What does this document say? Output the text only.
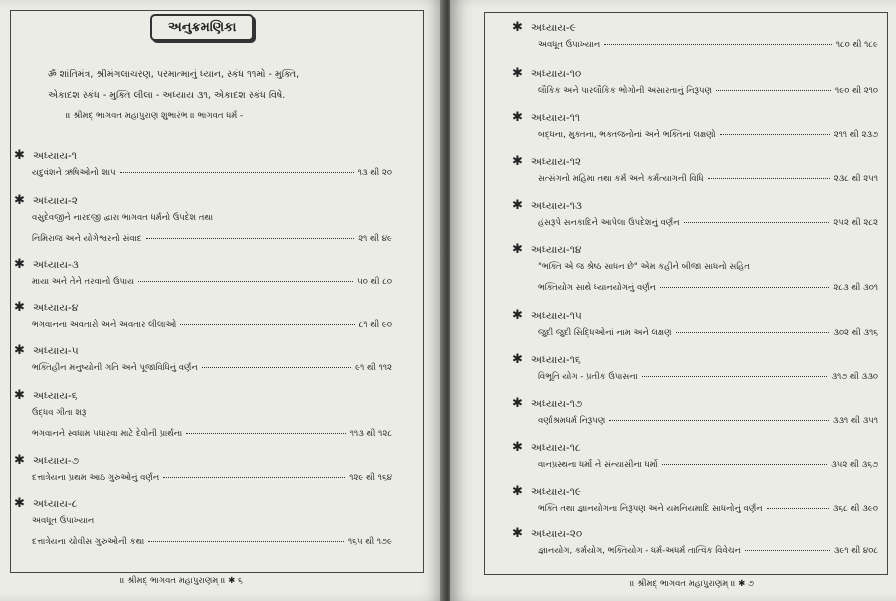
અનુક્રમણિકા
ॐ શાંતિમંત્ર, શ્રીમંગલાચરણ, પરમાત્માનું ધ્યાન, સ્કંધ ૧૧મો - મુક્તિ,
એકાદશ સ્કંધ - મુક્તિ લીલા - અધ્યાય ૩૧, એકાદશ સ્કંધ વિષે.
॥ શ્રીમદ્ ભાગવત મહાપુરાણ શુભારંભ ॥ ભાગવત ધર્મ -
✱ અધ્યાય-૧
યદુવંશને ઋષિઓનો શાપ	૧૩ થી ૨૦
✱ અધ્યાય-૨
વસુદેવજીને નારદજી દ્વારા ભાગવત ધર્મનો ઉપદેશ તથા
નિમિરાજ અને યોગેશ્વરનો સંવાદ	૨૧ થી ૪૯
✱ અધ્યાય-૩
માયા અને તેને તરવાનો ઉપાય	૫૦ થી ૮૦
✱ અધ્યાય-૪
ભગવાનના અવતારો અને અવતાર લીલાઓ	૮૧ થી ૯૦
✱ અધ્યાય-૫
ભક્તિહીન મનુષ્યોની ગતિ અને પૂજાવિધિનું વર્ણન	૯૧ થી ૧૧૨
✱ અધ્યાય-૬
ઉદ્ધવ ગીતા શરૂ
ભગવાનને સ્વધામ પધારવા માટે દેવોની પ્રાર્થના	૧૧૩ થી ૧૨૮
✱ અધ્યાય-૭
દત્તાત્રેયના પ્રથમ આઠ ગુરુઓનું વર્ણન	૧૨૯ થી ૧૬૪
✱ અધ્યાય-૮
અવધૂત ઉપાખ્યાન
દત્તાત્રેયના ચોવીસ ગુરુઓની કથા	૧૬૫ થી ૧૭૯
॥ શ્રીમદ્ ભાગવત મહાપુરાણમ્ ॥ ✱ ૬
✱ અધ્યાય-૯
અવધૂત ઉપાખ્યાન	૧૮૦ થી ૧૮૯
✱ અધ્યાય-૧૦
લૌકિક અને પારલૌકિક ભોગોની અસારતાનું નિરૂપણ	૧૯૦ થી ૨૧૦
✱ અધ્યાય-૧૧
બદ્ધના, મુક્તના, ભક્તજનોનાં અને ભક્તિનાં લક્ષણો	૨૧૧ થી ૨૩૭
✱ અધ્યાય-૧૨
સત્સંગનો મહિમા તથા કર્મ અને કર્મત્યાગની વિધિ	૨૩૮ થી ૨૫૧
✱ અધ્યાય-૧૩
હંસરૂપે સનકાદિને આપેલા ઉપદેશનું વર્ણન	૨૫૨ થી ૨૮૨
✱ અધ્યાય-૧૪
"ભક્તિ એ જ શ્રેષ્ઠ સાધન છે" એમ કહીને બીજા સાધનો સહિત
ભક્તિયોગ સાથે ધ્યાનયોગનું વર્ણન	૨૮૩ થી ૩૦૧
✱ અધ્યાય-૧૫
જુદી જુદી સિદ્ધિઓનાં નામ અને લક્ષણ	૩૦૨ થી ૩૧૬
✱ અધ્યાય-૧૬
વિભૂતિ યોગ - પ્રતીક ઉપાસના	૩૧૭ થી ૩૩૦
✱ અધ્યાય-૧૭
વર્ણાશ્રમધર્મ નિરૂપણ	૩૩૧ થી ૩૫૧
✱ અધ્યાય-૧૮
વાનપ્રસ્થના ધર્મો ને સંન્યાસીના ધર્મો	૩૫૨ થી ૩૬૭
✱ અધ્યાય-૧૯
ભક્તિ તથા જ્ઞાનયોગના નિરૂપણ અને યમનિયમાદિ સાધનોનું વર્ણન	૩૬૮ થી ૩૯૦
✱ અધ્યાય-૨૦
જ્ઞાનયોગ, કર્મયોગ, ભક્તિયોગ - ધર્મ-અધર્મ તાત્વિક વિવેચન	૩૯૧ થી ૪૦૮
॥ શ્રીમદ્ ભાગવત મહાપુરાણમ્ ॥ ✱ ૭
